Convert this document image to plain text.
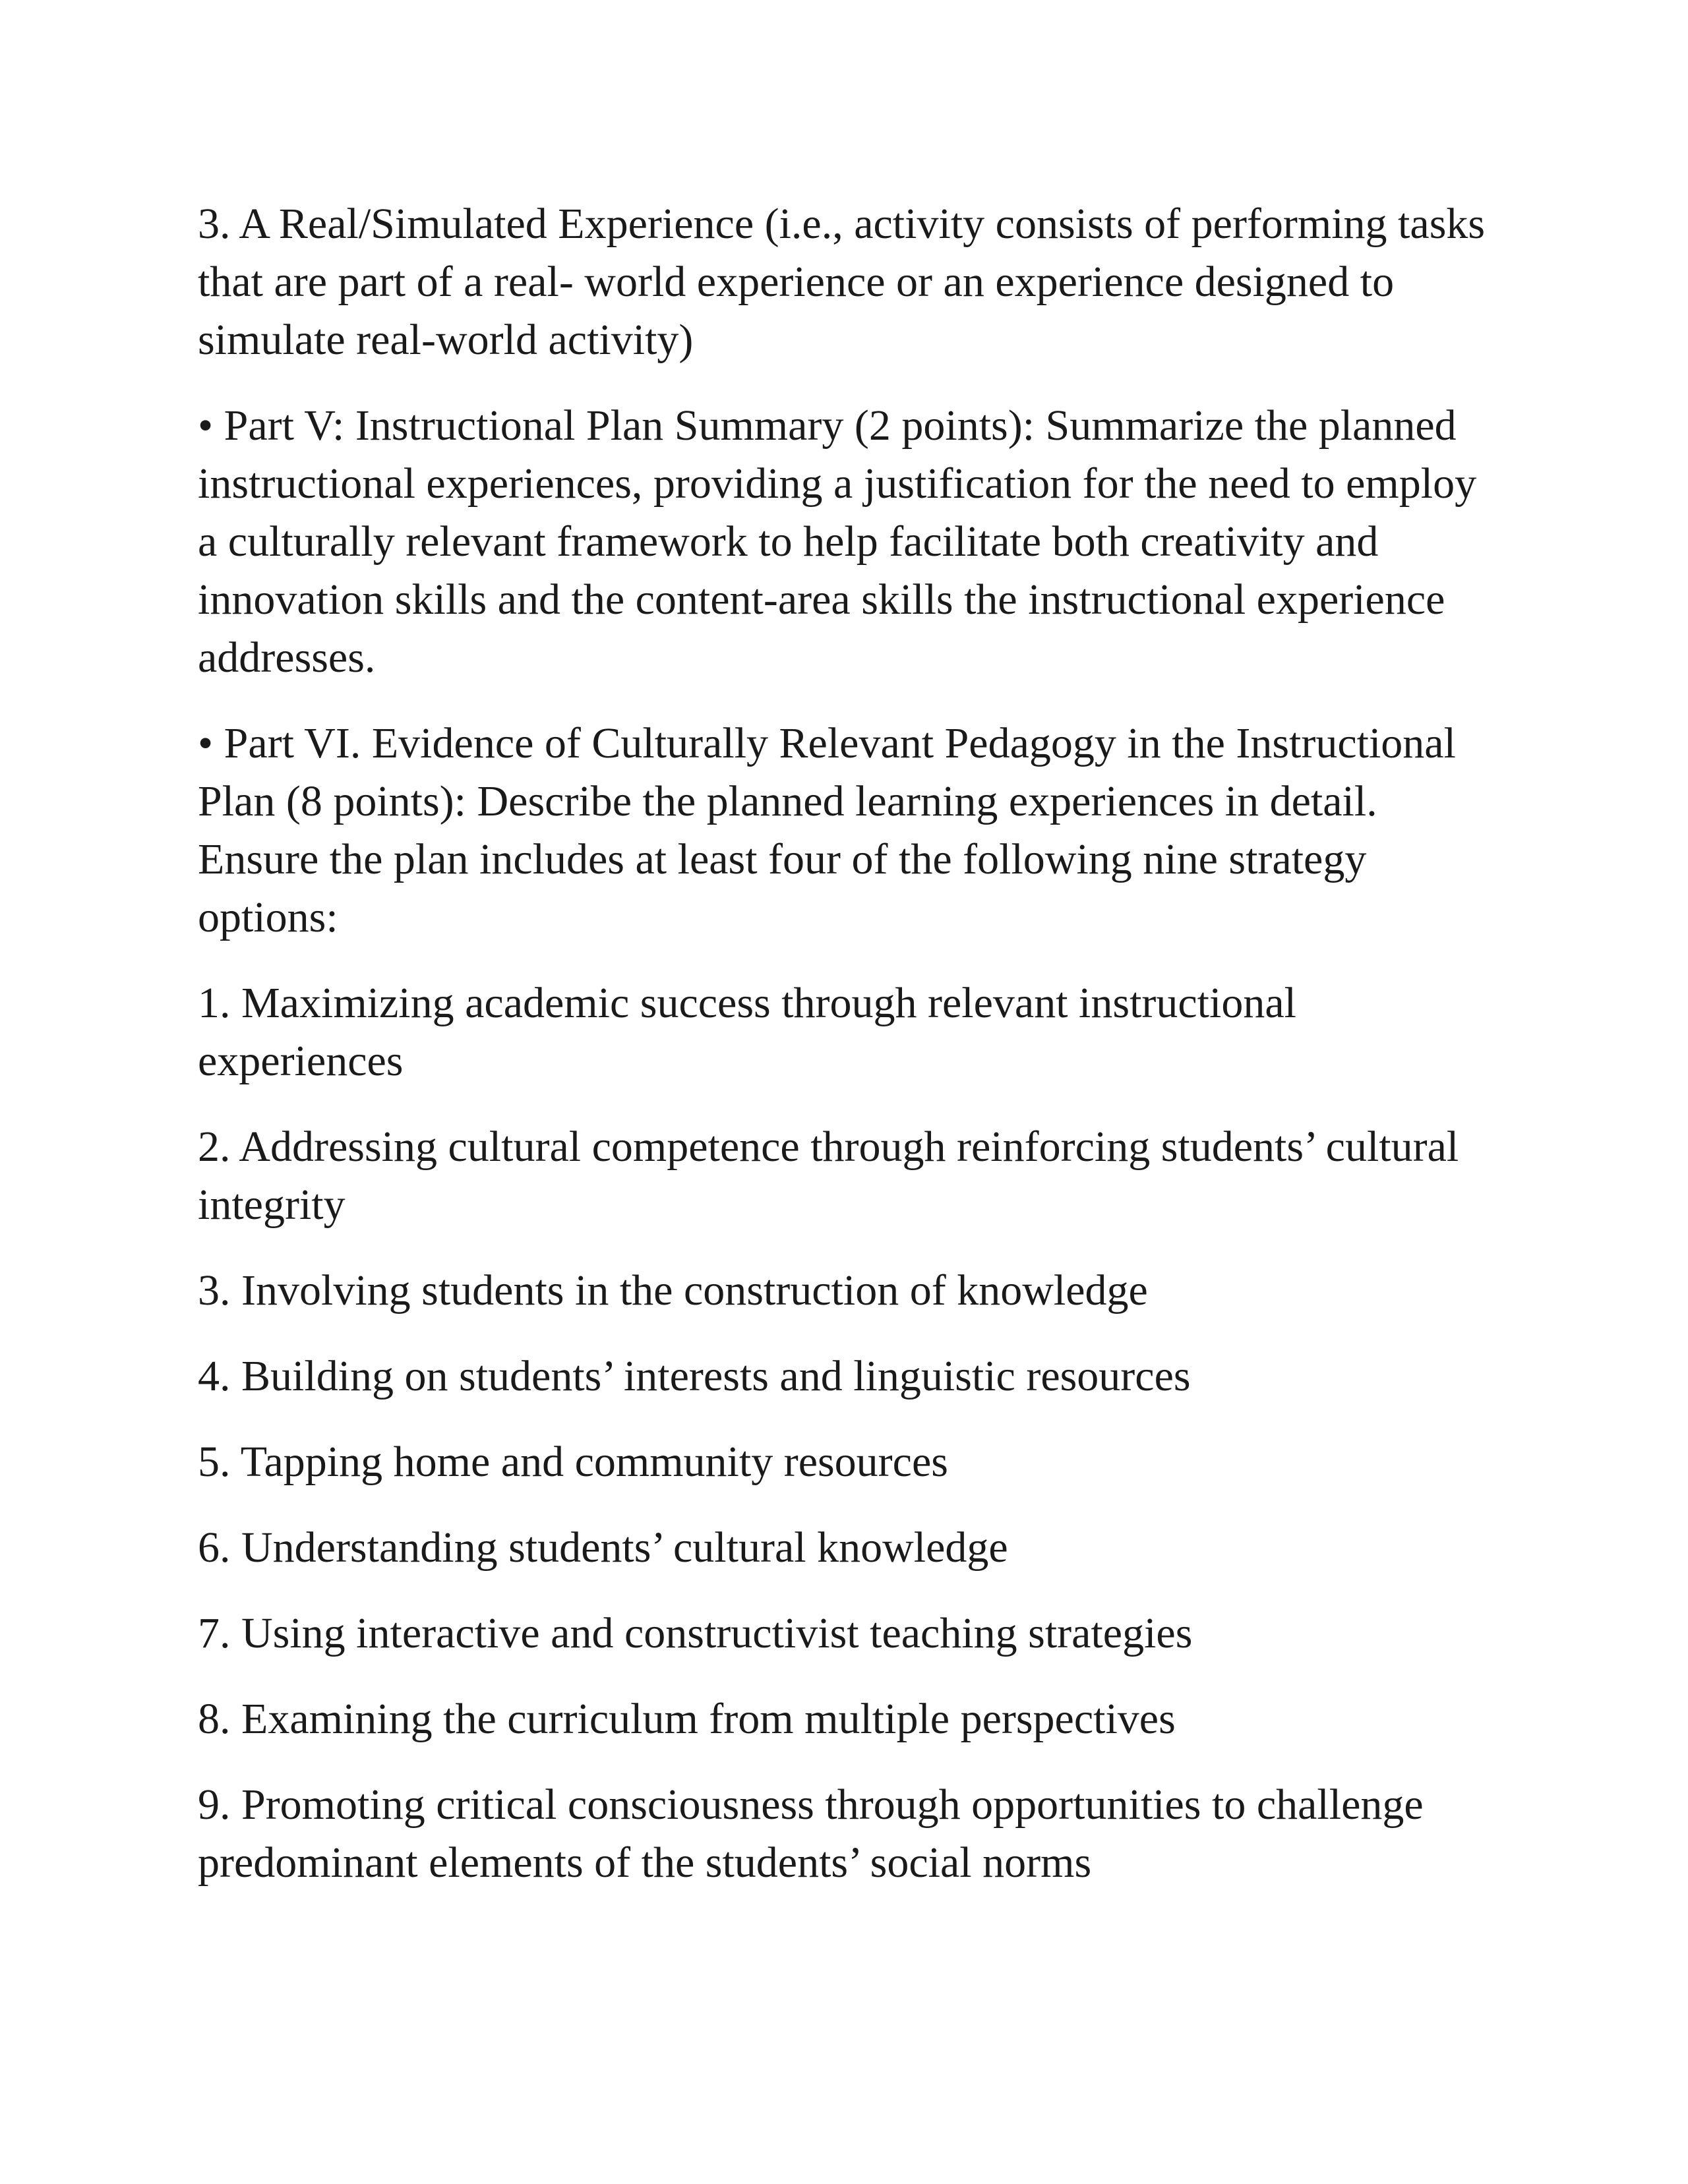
3. A Real/Simulated Experience (i.e., activity consists of performing tasks that are part of a real- world experience or an experience designed to simulate real-world activity)

• Part V: Instructional Plan Summary (2 points): Summarize the planned instructional experiences, providing a justification for the need to employ a culturally relevant framework to help facilitate both creativity and innovation skills and the content-area skills the instructional experience addresses.

• Part VI. Evidence of Culturally Relevant Pedagogy in the Instructional Plan (8 points): Describe the planned learning experiences in detail. Ensure the plan includes at least four of the following nine strategy options:

1. Maximizing academic success through relevant instructional experiences

2. Addressing cultural competence through reinforcing students’ cultural integrity

3. Involving students in the construction of knowledge

4. Building on students’ interests and linguistic resources

5. Tapping home and community resources

6. Understanding students’ cultural knowledge

7. Using interactive and constructivist teaching strategies

8. Examining the curriculum from multiple perspectives

9. Promoting critical consciousness through opportunities to challenge predominant elements of the students’ social norms
